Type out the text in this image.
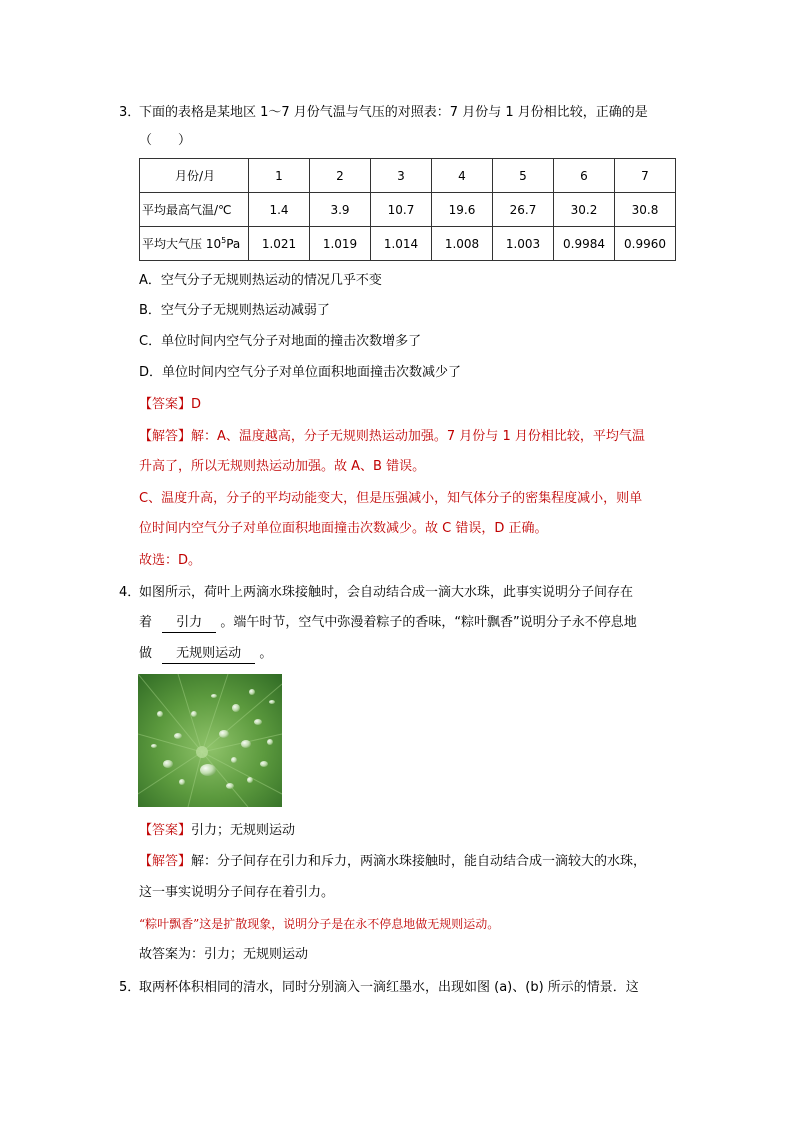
3．
下面的表格是某地区 1～7 月份气温与气压的对照表：7 月份与 1 月份相比较，正确的是
（　　）
月份/月	1	2	3	4	5	6	7
平均最高气温/℃	1.4	3.9	10.7	19.6	26.7	30.2	30.8
平均大气压 $10^5Pa$	1.021	1.019	1.014	1.008	1.003	0.9984	0.9960
A．空气分子无规则热运动的情况几乎不变
B．空气分子无规则热运动减弱了
C．单位时间内空气分子对地面的撞击次数增多了
D．单位时间内空气分子对单位面积地面撞击次数减少了
【答案】D
【解答】解：A、温度越高，分子无规则热运动加强。7 月份与 1 月份相比较，平均气温
升高了，所以无规则热运动加强。故 A、B 错误。
C、温度升高，分子的平均动能变大，但是压强减小，知气体分子的密集程度减小，则单
位时间内空气分子对单位面积地面撞击次数减少。故 C 错误，D 正确。
故选：D。
4．
如图所示，荷叶上两滴水珠接触时，会自动结合成一滴大水珠，此事实说明分子间存在
着 引力 。端午时节，空气中弥漫着粽子的香味，“粽叶飘香”说明分子永不停息地
做 无规则运动 。
【答案】引力；无规则运动
【解答】解：分子间存在引力和斥力，两滴水珠接触时，能自动结合成一滴较大的水珠，
这一事实说明分子间存在着引力。
“粽叶飘香”这是扩散现象，说明分子是在永不停息地做无规则运动。
故答案为：引力；无规则运动
5．
取两杯体积相同的清水，同时分别滴入一滴红墨水，出现如图 (a)、(b) 所示的情景．这
